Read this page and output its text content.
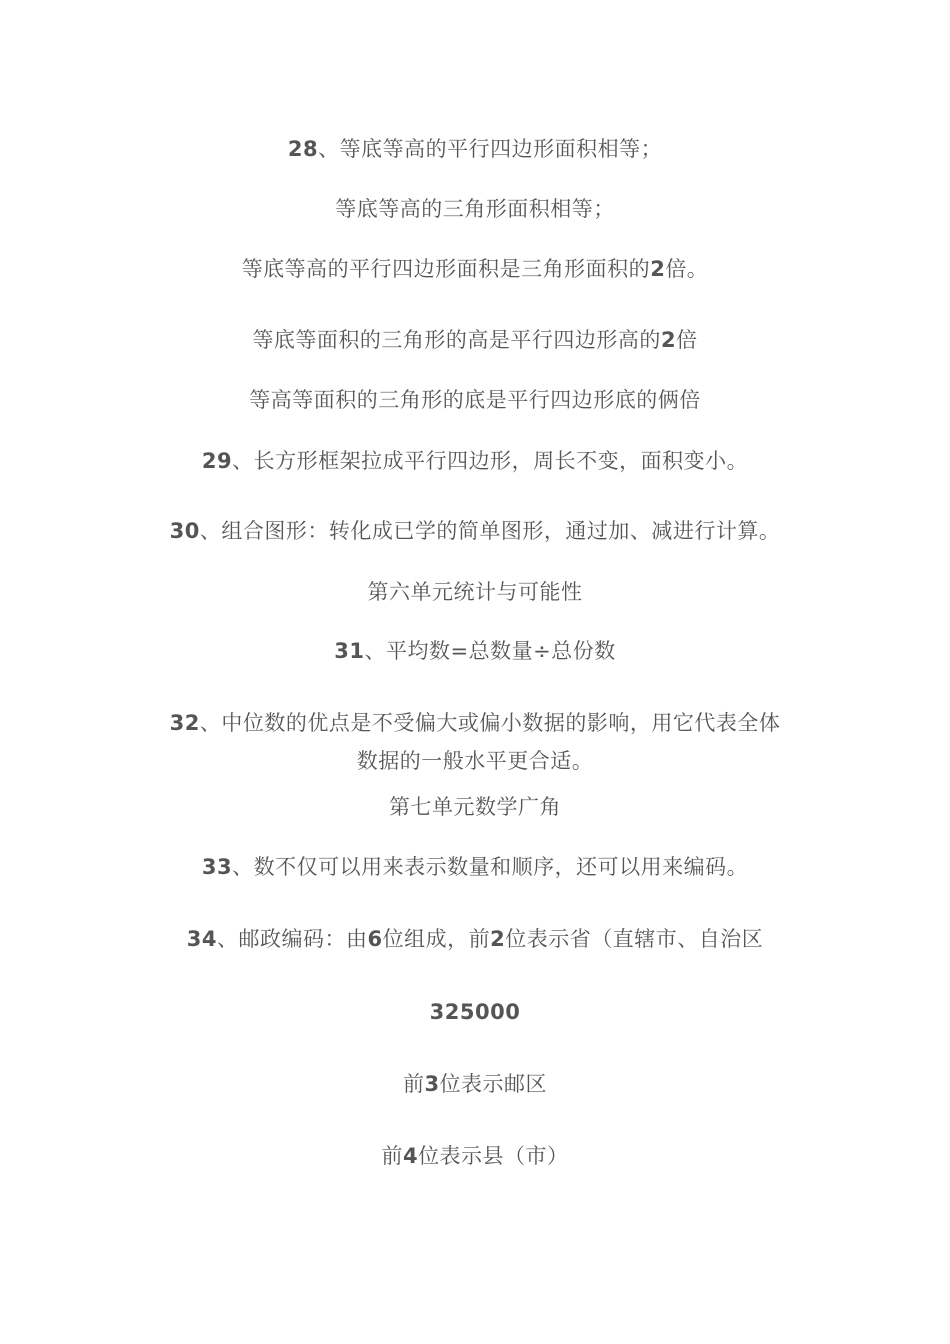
28、等底等高的平行四边形面积相等；
等底等高的三角形面积相等；
等底等高的平行四边形面积是三角形面积的2倍。
等底等面积的三角形的高是平行四边形高的2倍
等高等面积的三角形的底是平行四边形底的俩倍
29、长方形框架拉成平行四边形，周长不变，面积变小。
30、组合图形：转化成已学的简单图形，通过加、减进行计算。
第六单元统计与可能性
31、平均数=总数量÷总份数
32、中位数的优点是不受偏大或偏小数据的影响，用它代表全体
数据的一般水平更合适。
第七单元数学广角
33、数不仅可以用来表示数量和顺序，还可以用来编码。
34、邮政编码：由6位组成，前2位表示省（直辖市、自治区
325000
前3位表示邮区
前4位表示县（市）
